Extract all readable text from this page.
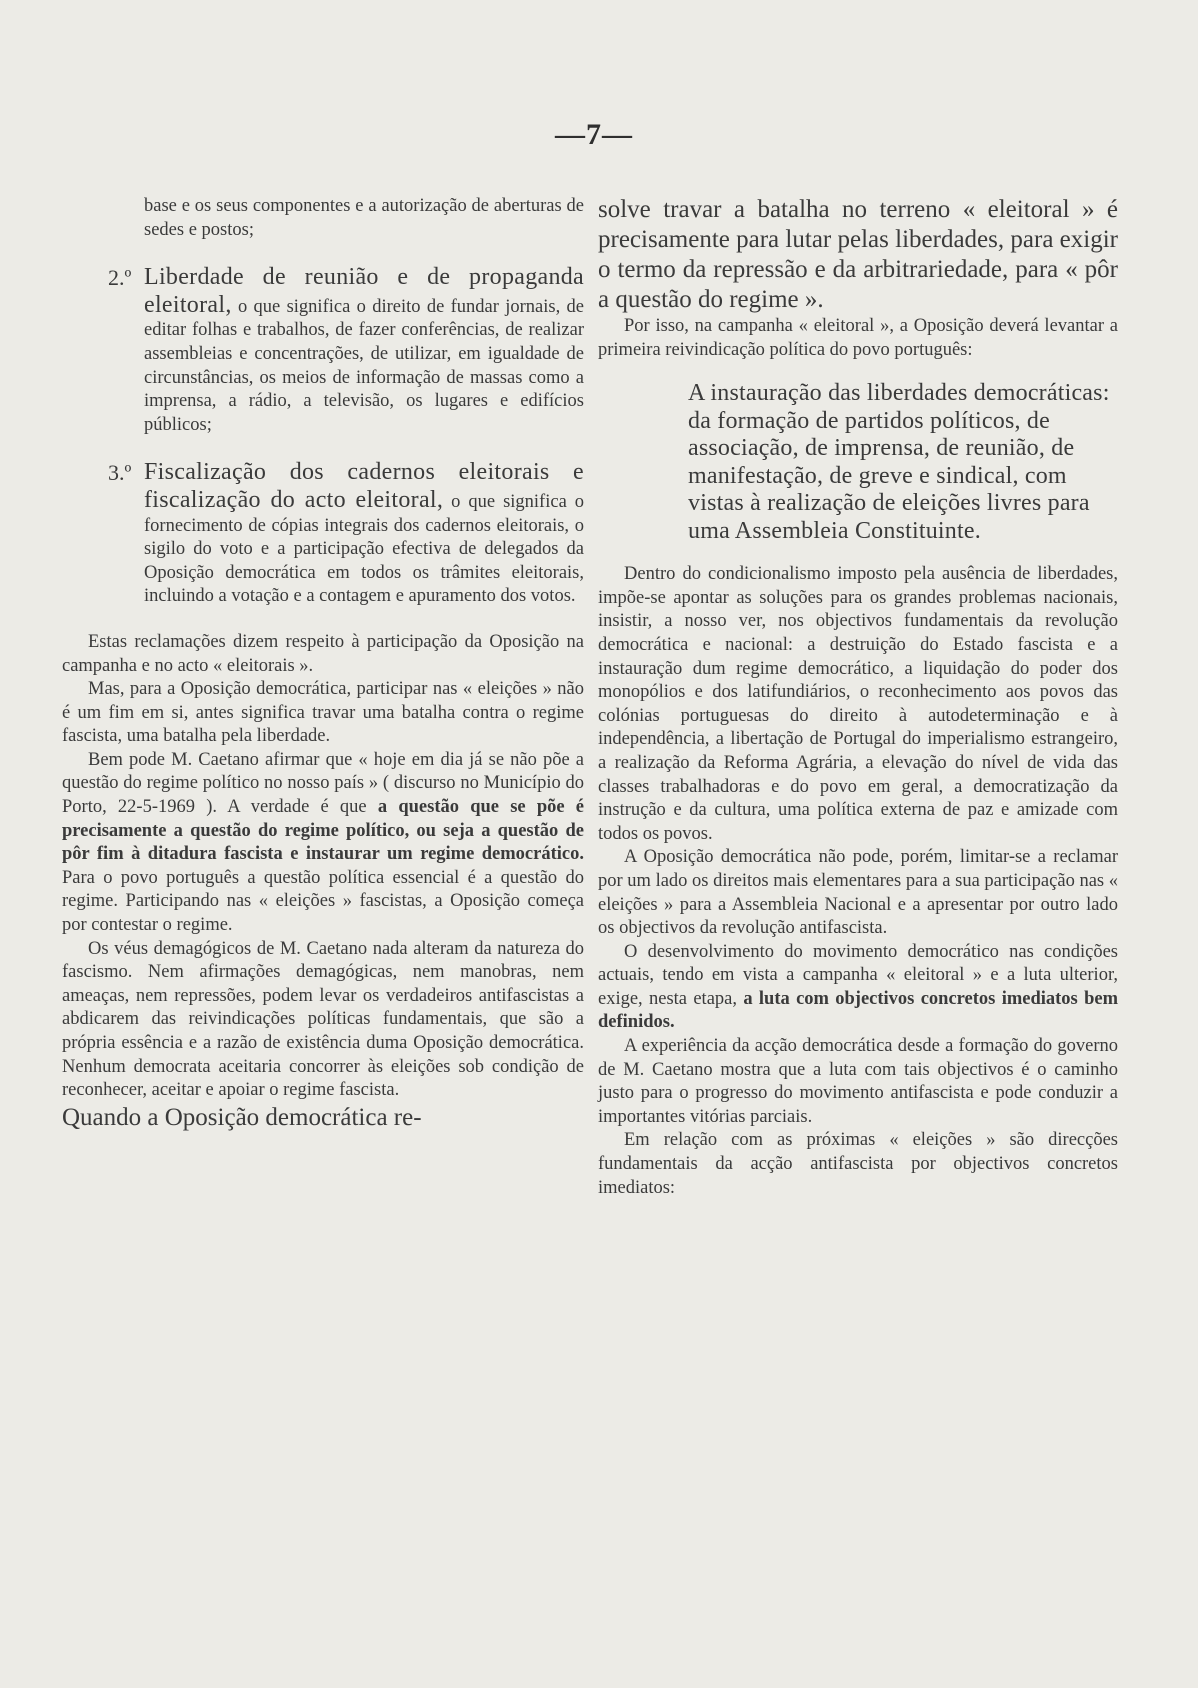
—7—

base e os seus componentes e a autorização de aberturas de sedes e postos;

2.º Liberdade de reunião e de propaganda eleitoral, o que significa o direito de fundar jornais, de editar folhas e trabalhos, de fazer conferências, de realizar assembleias e concentrações, de utilizar, em igualdade de circunstâncias, os meios de informação de massas como a imprensa, a rádio, a televisão, os lugares e edifícios públicos;

3.º Fiscalização dos cadernos eleitorais e fiscalização do acto eleitoral, o que significa o fornecimento de cópias integrais dos cadernos eleitorais, o sigilo do voto e a participação efectiva de delegados da Oposição democrática em todos os trâmites eleitorais, incluindo a votação e a contagem e apuramento dos votos.

Estas reclamações dizem respeito à participação da Oposição na campanha e no acto « eleitorais ».

Mas, para a Oposição democrática, participar nas « eleições » não é um fim em si, antes significa travar uma batalha contra o regime fascista, uma batalha pela liberdade.

Bem pode M. Caetano afirmar que « hoje em dia já se não põe a questão do regime político no nosso país » ( discurso no Município do Porto, 22-5-1969 ). A verdade é que a questão que se põe é precisamente a questão do regime político, ou seja a questão de pôr fim à ditadura fascista e instaurar um regime democrático. Para o povo português a questão política essencial é a questão do regime. Participando nas « eleições » fascistas, a Oposição começa por contestar o regime.

Os véus demagógicos de M. Caetano nada alteram da natureza do fascismo. Nem afirmações demagógicas, nem manobras, nem ameaças, nem repressões, podem levar os verdadeiros antifascistas a abdicarem das reivindicações políticas fundamentais, que são a própria essência e a razão de existência duma Oposição democrática. Nenhum democrata aceitaria concorrer às eleições sob condição de reconhecer, aceitar e apoiar o regime fascista.

Quando a Oposição democrática re-

solve travar a batalha no terreno « eleitoral » é precisamente para lutar pelas liberdades, para exigir o termo da repressão e da arbitrariedade, para « pôr a questão do regime ».

Por isso, na campanha « eleitoral », a Oposição deverá levantar a primeira reivindicação política do povo português:

A instauração das liberdades democráticas: da formação de partidos políticos, de associação, de imprensa, de reunião, de manifestação, de greve e sindical, com vistas à realização de eleições livres para uma Assembleia Constituinte.

Dentro do condicionalismo imposto pela ausência de liberdades, impõe-se apontar as soluções para os grandes problemas nacionais, insistir, a nosso ver, nos objectivos fundamentais da revolução democrática e nacional: a destruição do Estado fascista e a instauração dum regime democrático, a liquidação do poder dos monopólios e dos latifundiários, o reconhecimento aos povos das colónias portuguesas do direito à autodeterminação e à independência, a libertação de Portugal do imperialismo estrangeiro, a realização da Reforma Agrária, a elevação do nível de vida das classes trabalhadoras e do povo em geral, a democratização da instrução e da cultura, uma política externa de paz e amizade com todos os povos.

A Oposição democrática não pode, porém, limitar-se a reclamar por um lado os direitos mais elementares para a sua participação nas « eleições » para a Assembleia Nacional e a apresentar por outro lado os objectivos da revolução antifascista.

O desenvolvimento do movimento democrático nas condições actuais, tendo em vista a campanha « eleitoral » e a luta ulterior, exige, nesta etapa, a luta com objectivos concretos imediatos bem definidos.

A experiência da acção democrática desde a formação do governo de M. Caetano mostra que a luta com tais objectivos é o caminho justo para o progresso do movimento antifascista e pode conduzir a importantes vitórias parciais.

Em relação com as próximas « eleições » são direcções fundamentais da acção antifascista por objectivos concretos imediatos:
